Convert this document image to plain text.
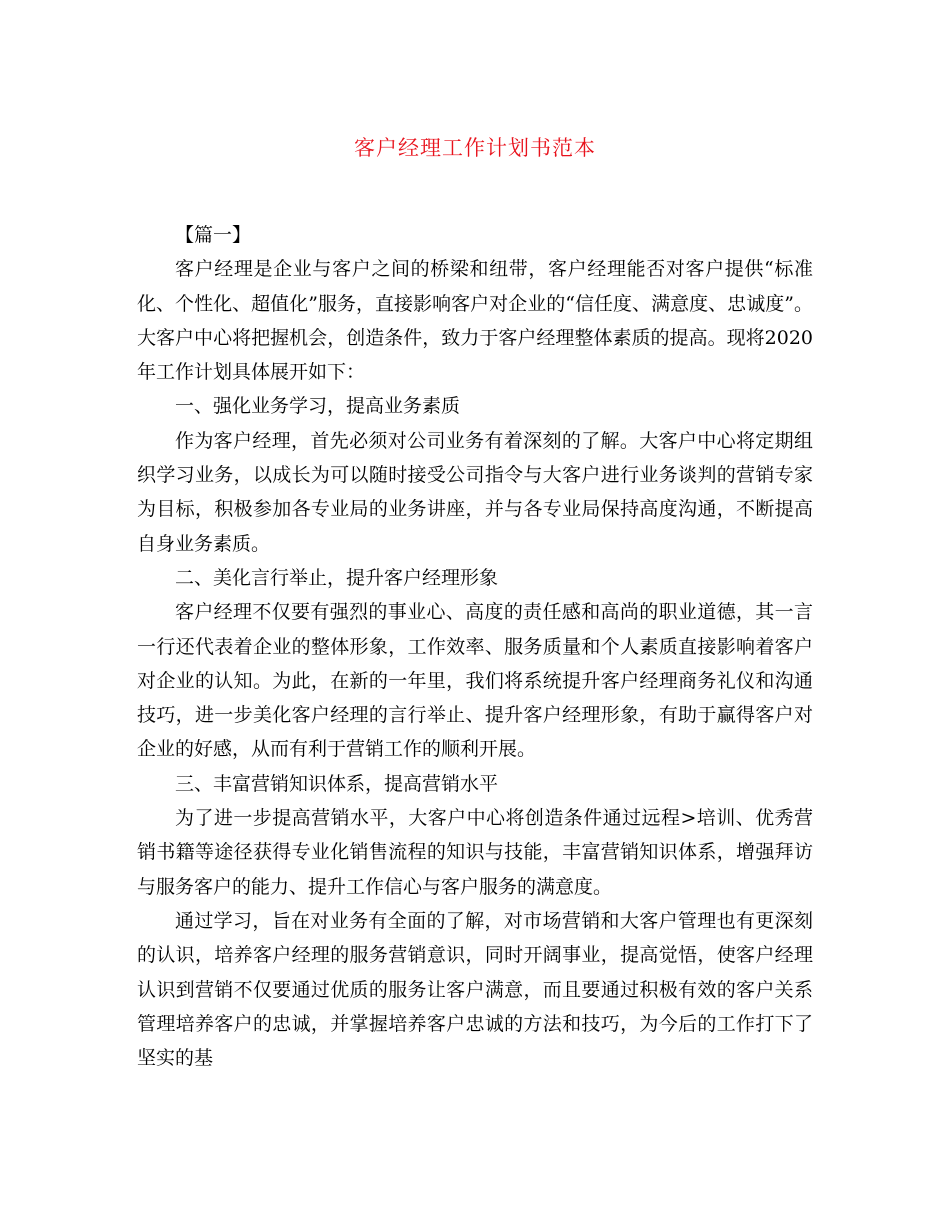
客户经理工作计划书范本

【篇一】

客户经理是企业与客户之间的桥梁和纽带，客户经理能否对客户提供“标准化、个性化、超值化”服务，直接影响客户对企业的“信任度、满意度、忠诚度”。大客户中心将把握机会，创造条件，致力于客户经理整体素质的提高。现将2020年工作计划具体展开如下：

一、强化业务学习，提高业务素质

作为客户经理，首先必须对公司业务有着深刻的了解。大客户中心将定期组织学习业务，以成长为可以随时接受公司指令与大客户进行业务谈判的营销专家为目标，积极参加各专业局的业务讲座，并与各专业局保持高度沟通，不断提高自身业务素质。

二、美化言行举止，提升客户经理形象

客户经理不仅要有强烈的事业心、高度的责任感和高尚的职业道德，其一言一行还代表着企业的整体形象，工作效率、服务质量和个人素质直接影响着客户对企业的认知。为此，在新的一年里，我们将系统提升客户经理商务礼仪和沟通技巧，进一步美化客户经理的言行举止、提升客户经理形象，有助于赢得客户对企业的好感，从而有利于营销工作的顺利开展。

三、丰富营销知识体系，提高营销水平

为了进一步提高营销水平，大客户中心将创造条件通过远程>培训、优秀营销书籍等途径获得专业化销售流程的知识与技能，丰富营销知识体系，增强拜访与服务客户的能力、提升工作信心与客户服务的满意度。

通过学习，旨在对业务有全面的了解，对市场营销和大客户管理也有更深刻的认识，培养客户经理的服务营销意识，同时开阔事业，提高觉悟，使客户经理认识到营销不仅要通过优质的服务让客户满意，而且要通过积极有效的客户关系管理培养客户的忠诚，并掌握培养客户忠诚的方法和技巧，为今后的工作打下了坚实的基
